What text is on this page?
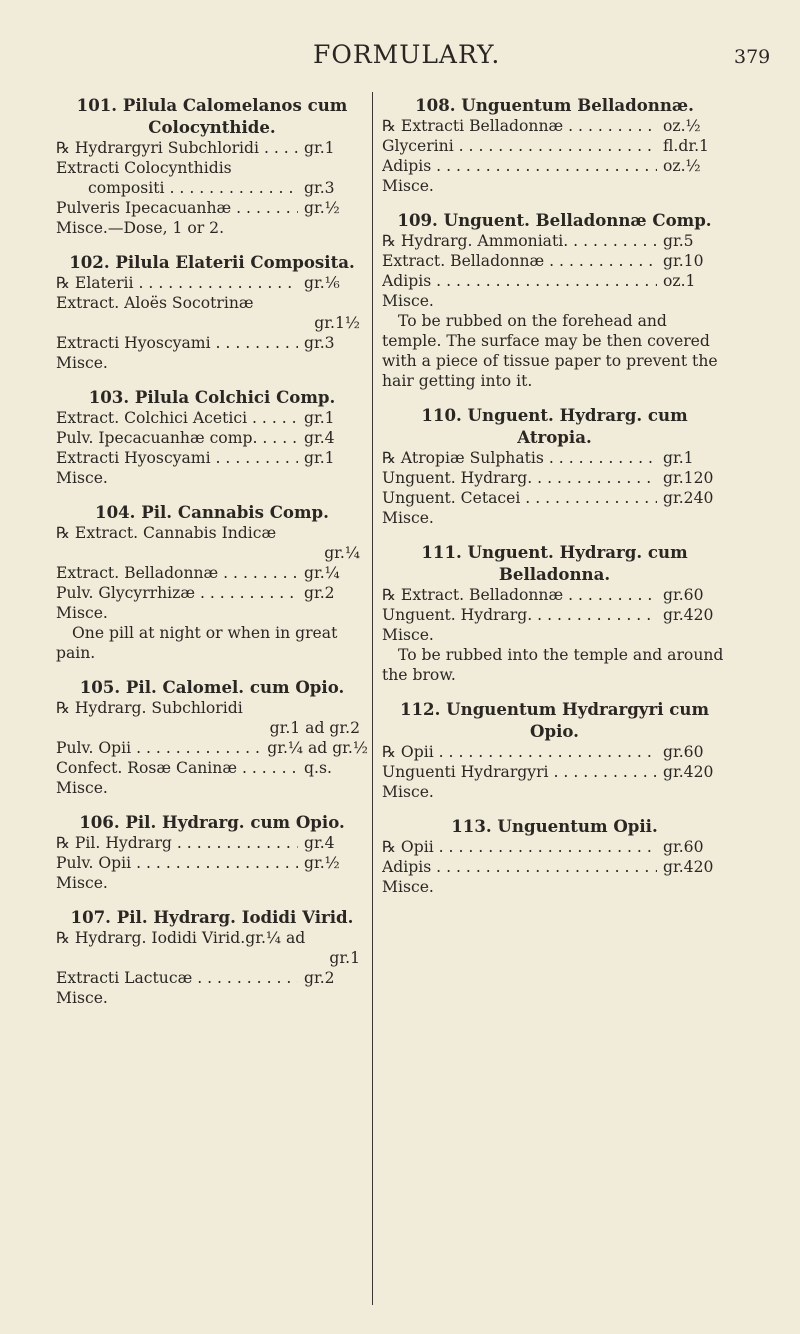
FORMULARY.	379
101. Pilula Calomelanos cum Colocynthide.
℞ Hydrargyri Subchloridi . . .	gr.1
Extracti Colocynthidis
compositi . . .	gr.3
Pulveris Ipecacuanhæ . . .	gr.½
Misce.—Dose, 1 or 2.
102. Pilula Elaterii Composita.
℞ Elaterii . . .	gr.⅙
Extract. Aloës Socotrinæ
gr.1½
Extracti Hyoscyami . . .	gr.3
Misce.
103. Pilula Colchici Comp.
Extract. Colchici Acetici . . .	gr.1
Pulv. Ipecacuanhæ comp. . . .	gr.4
Extracti Hyoscyami . . .	gr.1
Misce.
104. Pil. Cannabis Comp.
℞ Extract. Cannabis Indicæ
gr.¼
Extract. Belladonnæ . . .	gr.¼
Pulv. Glycyrrhizæ . . .	gr.2
Misce.
One pill at night or when in great pain.
105. Pil. Calomel. cum Opio.
℞ Hydrarg. Subchloridi
gr.1 ad gr.2
Pulv. Opii . . .	gr.¼ ad gr.½
Confect. Rosæ Caninæ . . .	q.s.
Misce.
106. Pil. Hydrarg. cum Opio.
℞ Pil. Hydrarg . . .	gr.4
Pulv. Opii . . .	gr.½
Misce.
107. Pil. Hydrarg. Iodidi Virid.
℞ Hydrarg. Iodidi Virid.gr.¼ ad
gr.1
Extracti Lactucæ . . .	gr.2
Misce.
108. Unguentum Belladonnæ.
℞ Extracti Belladonnæ . . .	oz.½
Glycerini . . .	fl.dr.1
Adipis . . .	oz.½
Misce.
109. Unguent. Belladonnæ Comp.
℞ Hydrarg. Ammoniati. . . .	gr.5
Extract. Belladonnæ . . .	gr.10
Adipis . . .	oz.1
Misce.
To be rubbed on the forehead and temple. The surface may be then covered with a piece of tissue paper to prevent the hair getting into it.
110. Unguent. Hydrarg. cum Atropia.
℞ Atropiæ Sulphatis . . .	gr.1
Unguent. Hydrarg. . . .	gr.120
Unguent. Cetacei . . .	gr.240
Misce.
111. Unguent. Hydrarg. cum Belladonna.
℞ Extract. Belladonnæ . . .	gr.60
Unguent. Hydrarg. . . .	gr.420
Misce.
To be rubbed into the temple and around the brow.
112. Unguentum Hydrargyri cum Opio.
℞ Opii . . .	gr.60
Unguenti Hydrargyri . . .	gr.420
Misce.
113. Unguentum Opii.
℞ Opii . . .	gr.60
Adipis . . .	gr.420
Misce.
